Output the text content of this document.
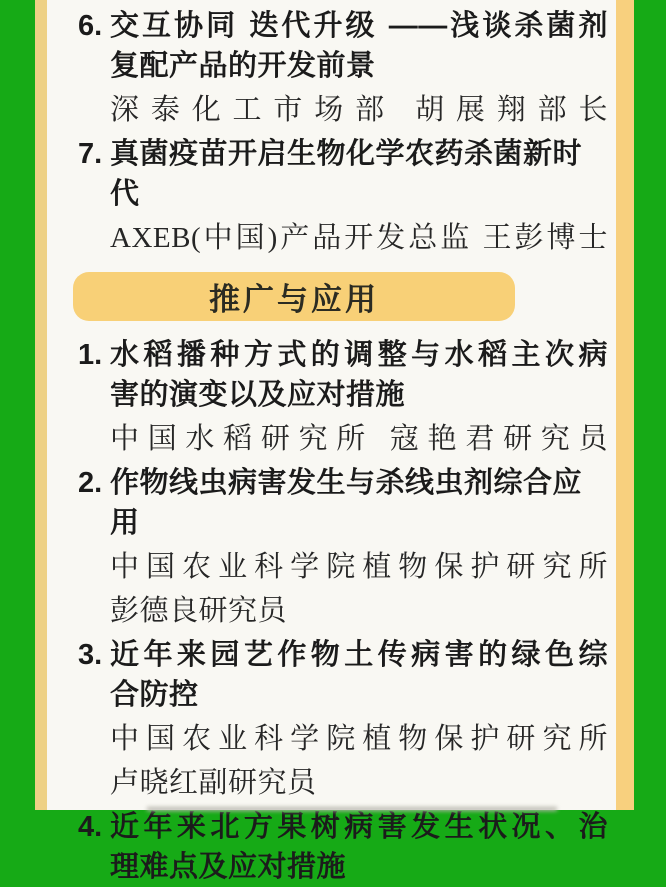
6. 交互协同 迭代升级 ——浅谈杀菌剂
复配产品的开发前景
深泰化工市场部 胡展翔部长
7. 真菌疫苗开启生物化学农药杀菌新时代
AXEB(中国)产品开发总监 王彭博士
推广与应用
1. 水稻播种方式的调整与水稻主次病
害的演变以及应对措施
中国水稻研究所 寇艳君研究员
2. 作物线虫病害发生与杀线虫剂综合应用
中国农业科学院植物保护研究所
彭德良研究员
3. 近年来园艺作物土传病害的绿色综
合防控
中国农业科学院植物保护研究所
卢晓红副研究员
4. 近年来北方果树病害发生状况、治
理难点及应对措施
